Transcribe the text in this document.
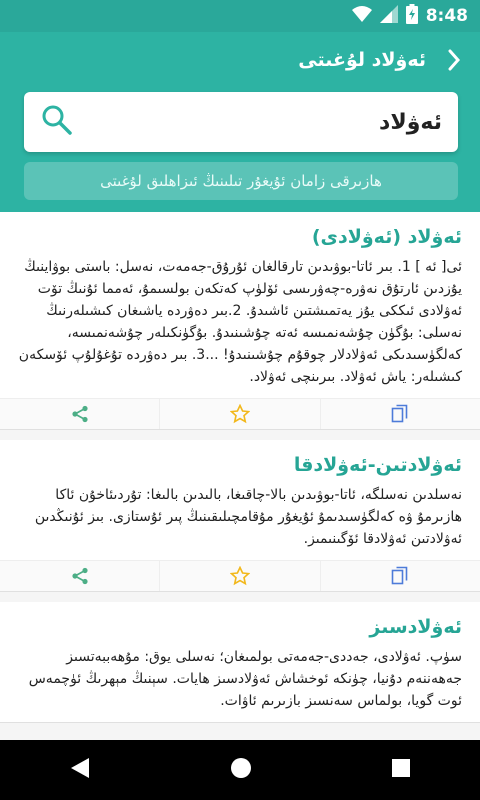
8:48
ئەۋلاد لۇغىتى
ئەۋلاد
ھازىرقى زامان ئۇيغۇر تىلىنىڭ ئىزاھلىق لۇغىتى
ئەۋلاد (ئەۋلادى)
ئى[ ئە ] 1. بىر ئاتا-بوۋىدىن تارقالغان ئۇرۇق-جەمەت، نەسل: باستى بوۋاينىڭ يۇزدىن ئارتۇق نەۋرە-چەۋرىسى ئۆلۈپ كەتكەن بولسىمۇ، ئەمما ئۇنىڭ تۆت ئەۋلادى ئىككى يۇز يەتمىشتىن ئاشىدۇ. 2.بىر دەۋردە ياشىغان كىشىلەرنىڭ نەسلى: بۇگۈن چۇشەنمىسە ئەتە چۇشىنىدۇ. بۇگۈنكىلەر چۇشەنمىسە، كەلگۈسىدىكى ئەۋلادلار چوقۇم چۇشىنىدۇ! ...3. بىر دەۋردە تۇغۇلۇپ ئۆسكەن كىشىلەر: ياش ئەۋلاد. بىرىنچى ئەۋلاد.
ئەۋلادتىن-ئەۋلادقا
نەسلدىن نەسلگە، ئاتا-بوۋىدىن بالا-چاقىغا، بالىدىن بالىغا: تۇردىئاخۇن ئاكا ھازىرمۇ ۋە كەلگۈسىدىمۇ ئۇيغۇر مۇقامچىلىقىنىڭ پىر ئۇستازى. بىز ئۇنىڭدىن ئەۋلادتىن ئەۋلادقا ئۆگىنىمىز.
ئەۋلادسىز
سۈپ. ئەۋلادى، جەددى-جەمەتى بولمىغان؛ نەسلى يوق: مۇھەببەتسىز جەھەننەم دۇنيا، چۈنكە ئوخشاش ئەۋلادسىز ھايات. سېنىڭ مېھرىڭ ئۈچمەس ئوت گويا، بولماس سەنسىز بازىرىم ئاۋات.
